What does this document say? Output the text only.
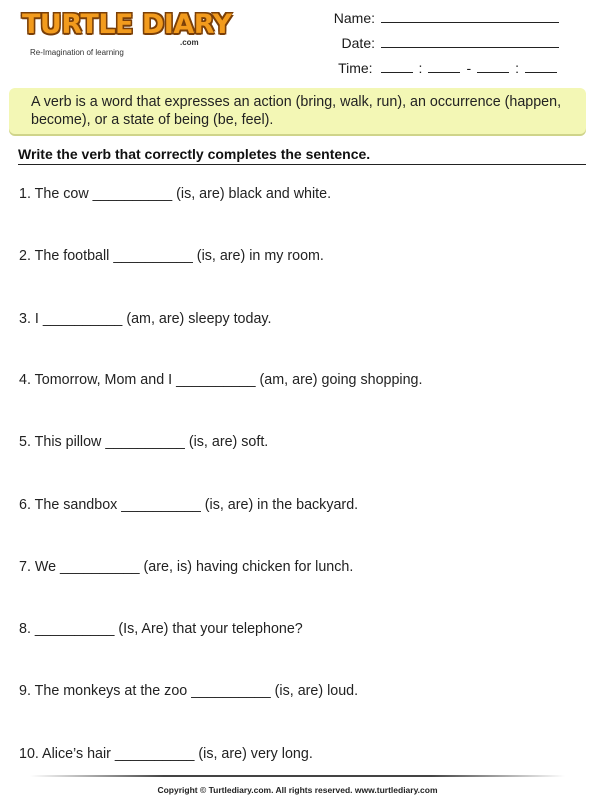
TURTLE DIARY
.com
Re-Imagination of learning
Name:
Date:
Time:	:	-	:
A verb is a word that expresses an action (bring, walk, run), an occurrence (happen, become), or a state of being (be, feel).
Write the verb that correctly completes the sentence.
1. The cow __________ (is, are) black and white.
2. The football __________ (is, are) in my room.
3. I __________ (am, are) sleepy today.
4. Tomorrow, Mom and I __________ (am, are) going shopping.
5. This pillow __________ (is, are) soft.
6. The sandbox __________ (is, are) in the backyard.
7. We __________ (are, is) having chicken for lunch.
8. __________ (Is, Are) that your telephone?
9. The monkeys at the zoo __________ (is, are) loud.
10. Alice’s hair __________ (is, are) very long.
Copyright © Turtlediary.com. All rights reserved. www.turtlediary.com
